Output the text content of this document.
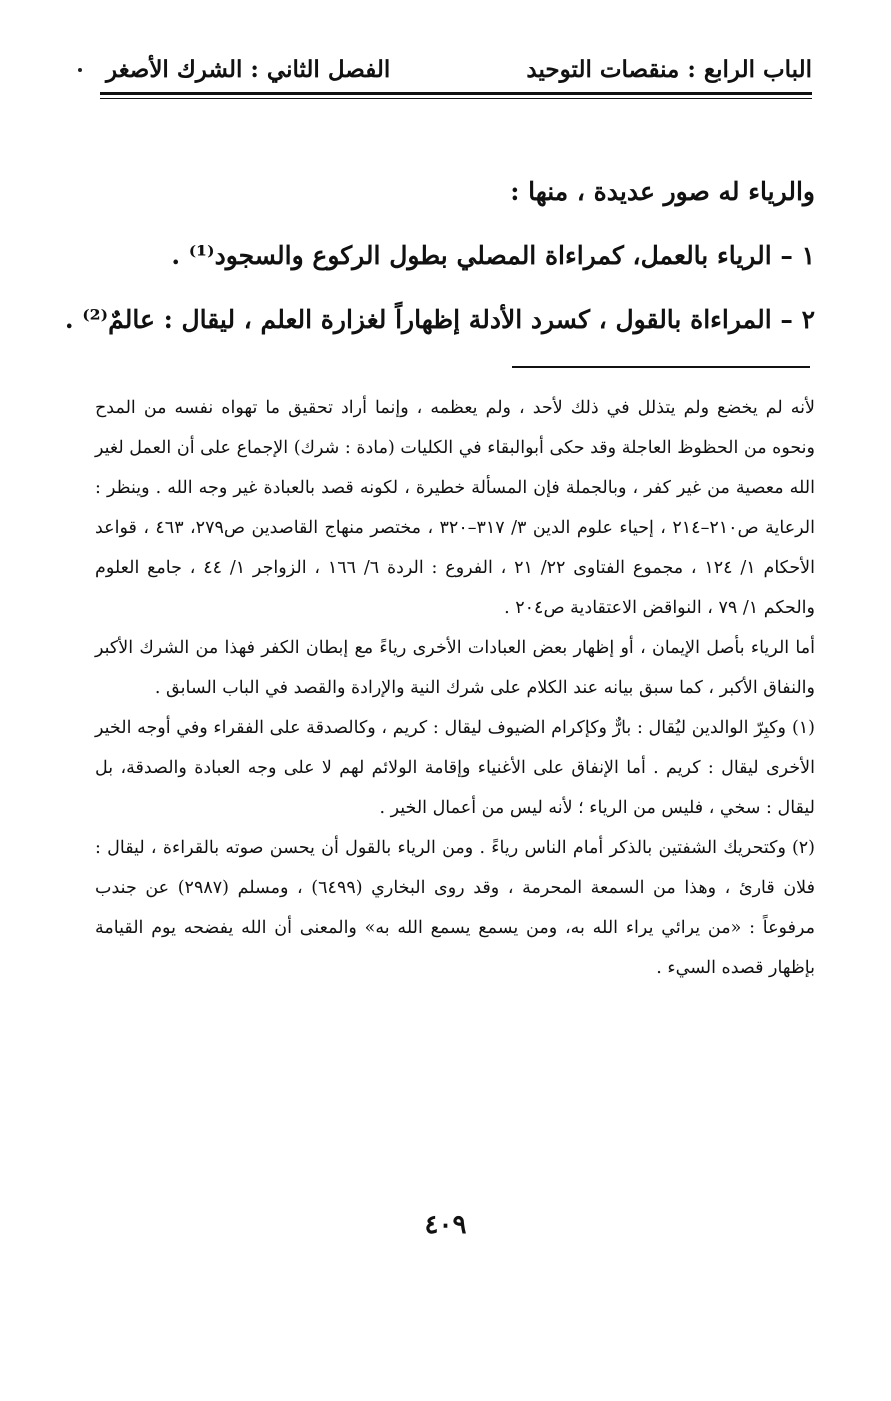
الباب الرابع : منقصات التوحيد
الفصل الثاني : الشرك الأصغر

والرياء له صور عديدة ، منها :

١ – الرياء بالعمل، كمراءاة المصلي بطول الركوع والسجود⁽¹⁾ .

٢ – المراءاة بالقول ، كسرد الأدلة إظهاراً لغزارة العلم ، ليقال : عالمٌ⁽²⁾ .

لأنه لم يخضع ولم يتذلل في ذلك لأحد ، ولم يعظمه ، وإنما أراد تحقيق ما تهواه نفسه من المدح ونحوه من الحظوظ العاجلة وقد حكى أبوالبقاء في الكليات (مادة : شرك) الإجماع على أن العمل لغير الله معصية من غير كفر ، وبالجملة فإن المسألة خطيرة ، لكونه قصد بالعبادة غير وجه الله . وينظر : الرعاية ص٢١٠–٢١٤ ، إحياء علوم الدين ٣/ ٣١٧–٣٢٠ ، مختصر منهاج القاصدين ص٢٧٩، ٤٦٣ ، قواعد الأحكام ١/ ١٢٤ ، مجموع الفتاوى ٢٢/ ٢١ ، الفروع : الردة ٦/ ١٦٦ ، الزواجر ١/ ٤٤ ، جامع العلوم والحكم ١/ ٧٩ ، النواقض الاعتقادية ص٢٠٤ .

أما الرياء بأصل الإيمان ، أو إظهار بعض العبادات الأخرى رياءً مع إبطان الكفر فهذا من الشرك الأكبر والنفاق الأكبر ، كما سبق بيانه عند الكلام على شرك النية والإرادة والقصد في الباب السابق .

(١)وكبِرّ الوالدين ليُقال : بارٌّ وكإكرام الضيوف ليقال : كريم ، وكالصدقة على الفقراء وفي أوجه الخير الأخرى ليقال : كريم . أما الإنفاق على الأغنياء وإقامة الولائم لهم لا على وجه العبادة والصدقة، بل ليقال : سخي ، فليس من الرياء ؛ لأنه ليس من أعمال الخير .

(٢)وكتحريك الشفتين بالذكر أمام الناس رياءً . ومن الرياء بالقول أن يحسن صوته بالقراءة ، ليقال : فلان قارئ ، وهذا من السمعة المحرمة ، وقد روى البخاري (٦٤٩٩) ، ومسلم (٢٩٨٧) عن جندب مرفوعاً : «من يرائي يراء الله به، ومن يسمع يسمع الله به» والمعنى أن الله يفضحه يوم القيامة بإظهار قصده السيء .

٤٠٩
